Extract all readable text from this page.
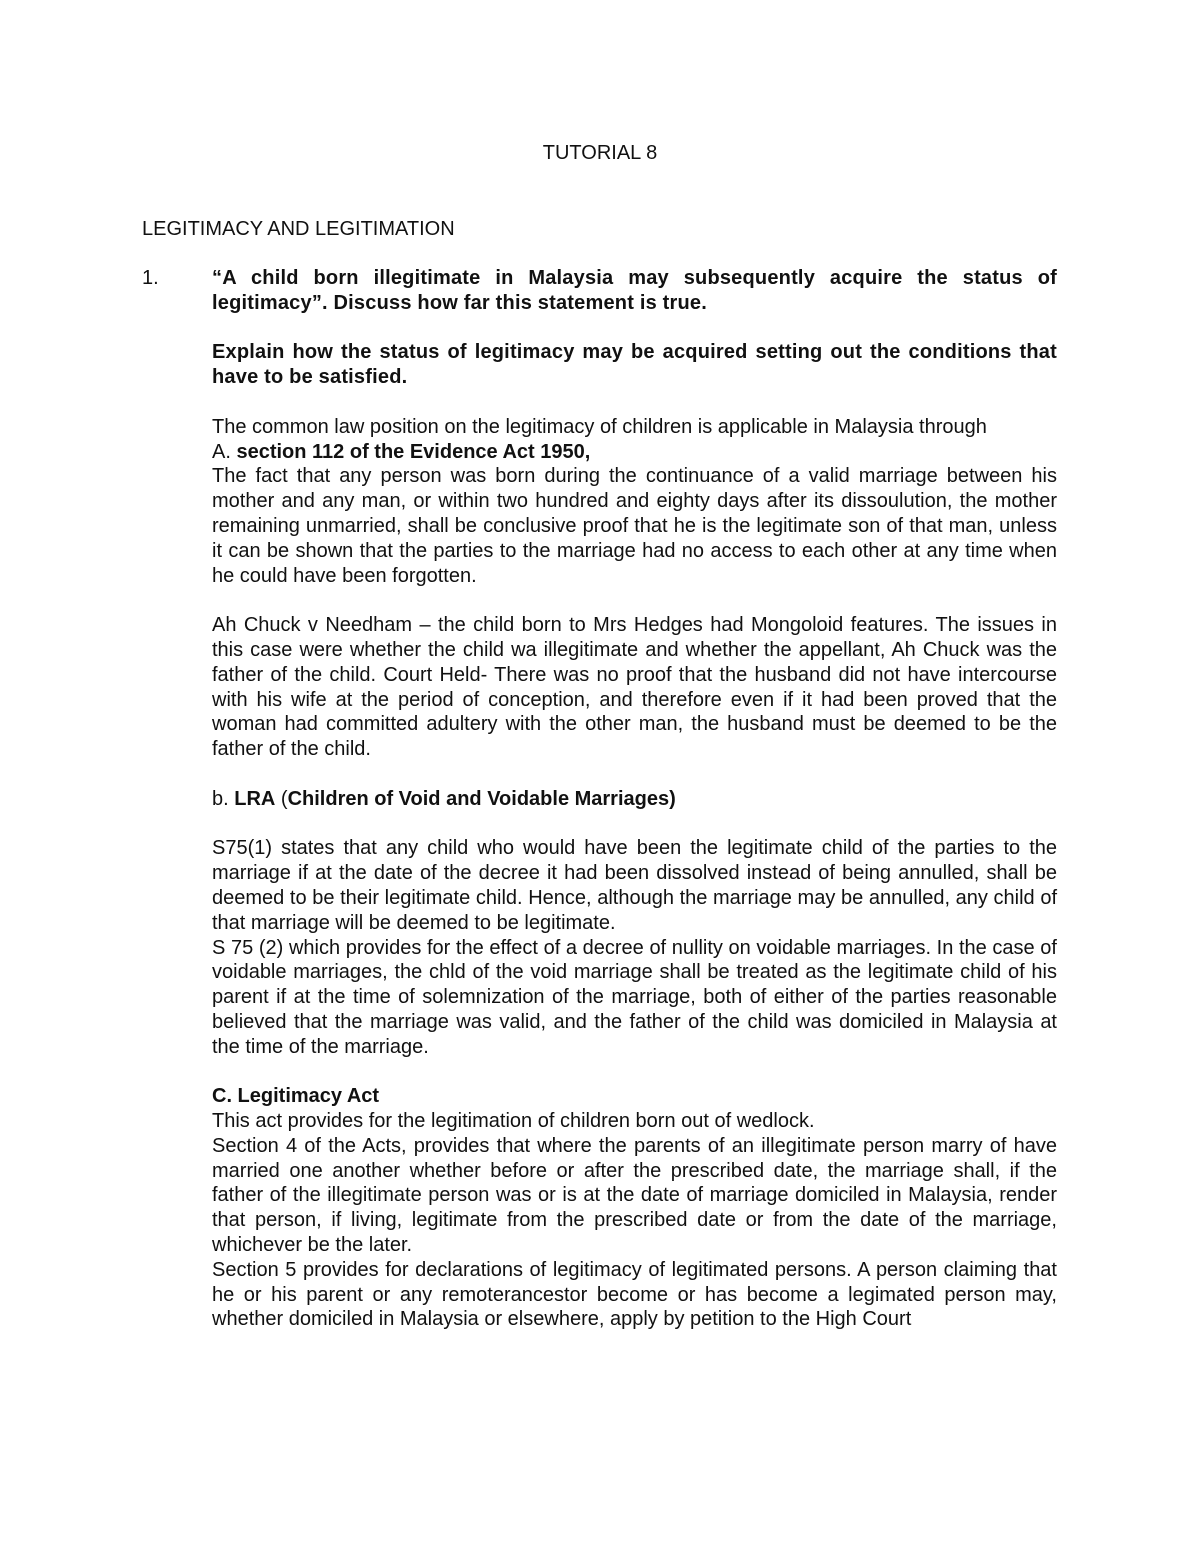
TUTORIAL 8
LEGITIMACY AND LEGITIMATION
1.	“A child born illegitimate in Malaysia may subsequently acquire the status of legitimacy”. Discuss how far this statement is true.

Explain how the status of legitimacy may be acquired setting out the conditions that have to be satisfied.

The common law position on the legitimacy of children is applicable in Malaysia through

A. section 112 of the Evidence Act 1950,

The fact that any person was born during the continuance of a valid marriage between his mother and any man, or within two hundred and eighty days after its dissoulution, the mother remaining unmarried, shall be conclusive proof that he is the legitimate son of that man, unless it can be shown that the parties to the marriage had no access to each other at any time when he could have been forgotten.

Ah Chuck v Needham – the child born to Mrs Hedges had Mongoloid features. The issues in this case were whether the child wa illegitimate and whether the appellant, Ah Chuck was the father of the child. Court Held- There was no proof that the husband did not have intercourse with his wife at the period of conception, and therefore even if it had been proved that the woman had committed adultery with the other man, the husband must be deemed to be the father of the child.

b. LRA (Children of Void and Voidable Marriages)

S75(1) states that any child who would have been the legitimate child of the parties to the marriage if at the date of the decree it had been dissolved instead of being annulled, shall be deemed to be their legitimate child. Hence, although the marriage may be annulled, any child of that marriage will be deemed to be legitimate.

S 75 (2) which provides for the effect of a decree of nullity on voidable marriages. In the case of voidable marriages, the chld of the void marriage shall be treated as the legitimate child of his parent if at the time of solemnization of the marriage, both of either of the parties reasonable believed that the marriage was valid, and the father of the child was domiciled in Malaysia at the time of the marriage.

C. Legitimacy Act

This act provides for the legitimation of children born out of wedlock.

Section 4 of the Acts, provides that where the parents of an illegitimate person marry of have married one another whether before or after the prescribed date, the marriage shall, if the father of the illegitimate person was or is at the date of marriage domiciled in Malaysia, render that person, if living, legitimate from the prescribed date or from the date of the marriage, whichever be the later.

Section 5 provides for declarations of legitimacy of legitimated persons. A person claiming that he or his parent or any remoterancestor become or has become a legimated person may, whether domiciled in Malaysia or elsewhere, apply by petition to the High Court
